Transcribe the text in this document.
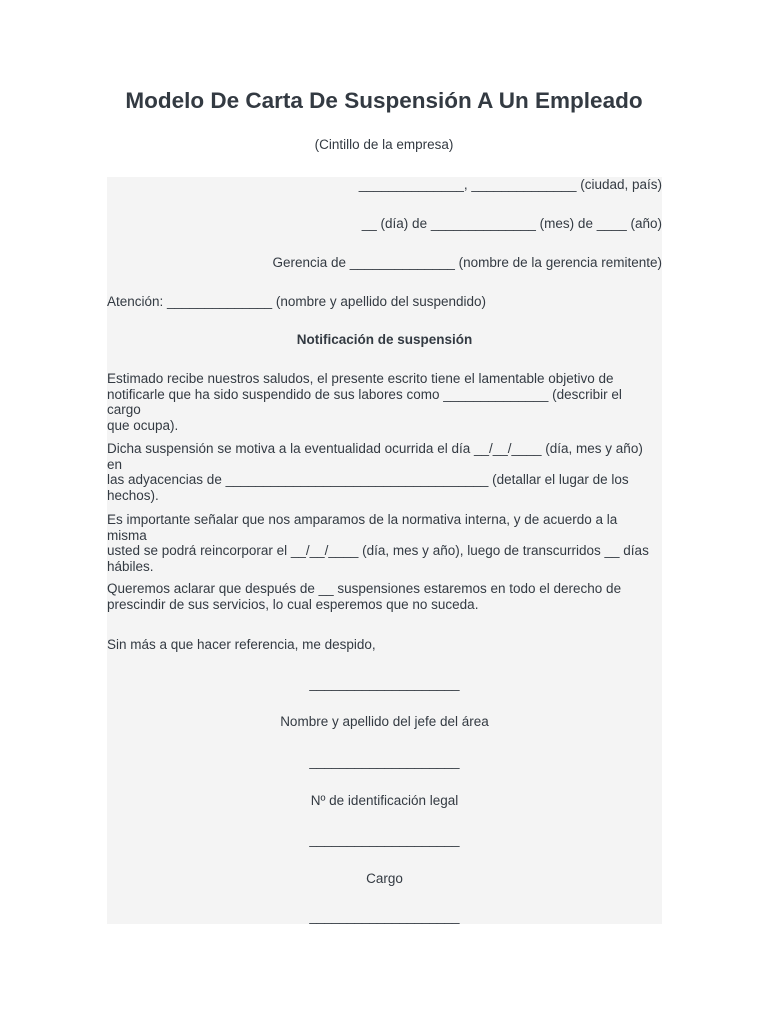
Modelo De Carta De Suspensión A Un Empleado
(Cintillo de la empresa)
______________, ______________ (ciudad, país)
__ (día) de ______________ (mes) de ____ (año)
Gerencia de ______________ (nombre de la gerencia remitente)
Atención: ______________ (nombre y apellido del suspendido)
Notificación de suspensión

Estimado recibe nuestros saludos, el presente escrito tiene el lamentable objetivo de

notificarle que ha sido suspendido de sus labores como ______________ (describir el cargo

que ocupa).

Dicha suspensión se motiva a la eventualidad ocurrida el día __/__/____ (día, mes y año) en

las adyacencias de ___________________________________ (detallar el lugar de los

hechos).

Es importante señalar que nos amparamos de la normativa interna, y de acuerdo a la misma

usted se podrá reincorporar el __/__/____ (día, mes y año), luego de transcurridos __ días

hábiles.

Queremos aclarar que después de __ suspensiones estaremos en todo el derecho de

prescindir de sus servicios, lo cual esperemos que no suceda.

Sin más a que hacer referencia, me despido,
____________________
Nombre y apellido del jefe del área
____________________
Nº de identificación legal
____________________
Cargo
____________________
